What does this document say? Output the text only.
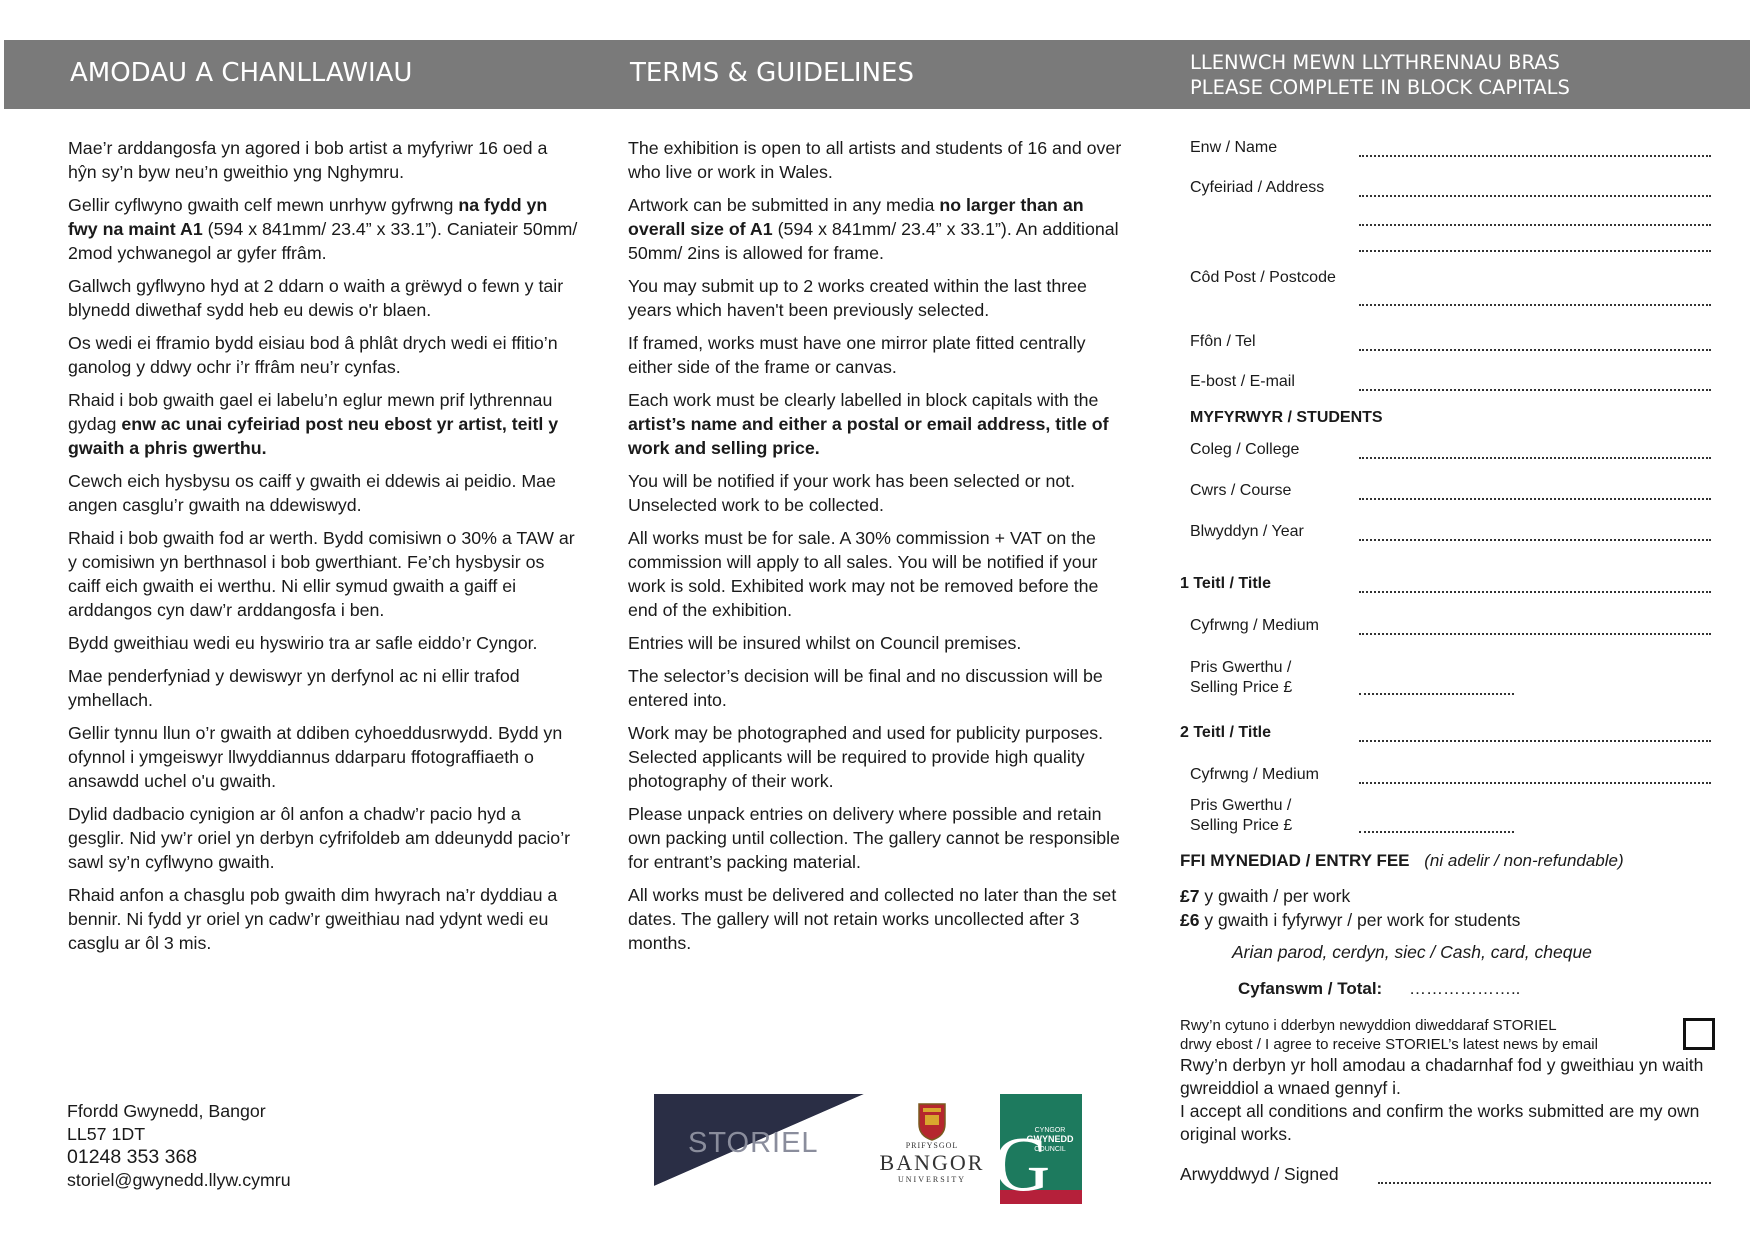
AMODAU A CHANLLAWIAU	TERMS & GUIDELINES	LLENWCH MEWN LLYTHRENNAU BRAS
PLEASE COMPLETE IN BLOCK CAPITALS

Mae’r arddangosfa yn agored i bob artist a myfyriwr 16 oed a hŷn sy’n byw neu’n gweithio yng Nghymru.

Gellir cyflwyno gwaith celf mewn unrhyw gyfrwng na fydd yn fwy na maint A1 (594 x 841mm/ 23.4” x 33.1”). Caniateir 50mm/ 2mod ychwanegol ar gyfer ffrâm.

Gallwch gyflwyno hyd at 2 ddarn o waith a grëwyd o fewn y tair blynedd diwethaf sydd heb eu dewis o'r blaen.

Os wedi ei fframio bydd eisiau bod â phlât drych wedi ei ffitio’n ganolog y ddwy ochr i’r ffrâm neu’r cynfas.

Rhaid i bob gwaith gael ei labelu’n eglur mewn prif lythrennau gydag enw ac unai cyfeiriad post neu ebost yr artist, teitl y gwaith a phris gwerthu.

Cewch eich hysbysu os caiff y gwaith ei ddewis ai peidio. Mae angen casglu’r gwaith na ddewiswyd.

Rhaid i bob gwaith fod ar werth. Bydd comisiwn o 30% a TAW ar y comisiwn yn berthnasol i bob gwerthiant. Fe’ch hysbysir os caiff eich gwaith ei werthu. Ni ellir symud gwaith a gaiff ei arddangos cyn daw’r arddangosfa i ben.

Bydd gweithiau wedi eu hyswirio tra ar safle eiddo’r Cyngor.

Mae penderfyniad y dewiswyr yn derfynol ac ni ellir trafod ymhellach.

Gellir tynnu llun o’r gwaith at ddiben cyhoeddusrwydd. Bydd yn ofynnol i ymgeiswyr llwyddiannus ddarparu ffotograffiaeth o ansawdd uchel o'u gwaith.

Dylid dadbacio cynigion ar ôl anfon a chadw’r pacio hyd a gesglir. Nid yw’r oriel yn derbyn cyfrifoldeb am ddeunydd pacio’r sawl sy’n cyflwyno gwaith.

Rhaid anfon a chasglu pob gwaith dim hwyrach na’r dyddiau a bennir. Ni fydd yr oriel yn cadw’r gweithiau nad ydynt wedi eu casglu ar ôl 3 mis.

The exhibition is open to all artists and students of 16 and over who live or work in Wales.

Artwork can be submitted in any media no larger than an overall size of A1 (594 x 841mm/ 23.4” x 33.1”). An additional 50mm/ 2ins is allowed for frame.

You may submit up to 2 works created within the last three years which haven't been previously selected.

If framed, works must have one mirror plate fitted centrally either side of the frame or canvas.

Each work must be clearly labelled in block capitals with the artist’s name and either a postal or email address, title of work and selling price.

You will be notified if your work has been selected or not. Unselected work to be collected.

All works must be for sale. A 30% commission + VAT on the commission will apply to all sales. You will be notified if your work is sold. Exhibited work may not be removed before the end of the exhibition.

Entries will be insured whilst on Council premises.

The selector’s decision will be final and no discussion will be entered into.

Work may be photographed and used for publicity purposes. Selected applicants will be required to provide high quality photography of their work.

Please unpack entries on delivery where possible and retain own packing until collection. The gallery cannot be responsible for entrant’s packing material.

All works must be delivered and collected no later than the set dates. The gallery will not retain works uncollected after 3 months.

Ffordd Gwynedd, Bangor
LL57 1DT
01248 353 368
storiel@gwynedd.llyw.cymru
STORIEL	PRIFYSGOL
BANGOR
UNIVERSITY
CYNGOR
GWYNEDD
COUNCIL
G
Enw / Name
Cyfeiriad / Address
Côd Post / Postcode
Ffôn / Tel
E-bost / E-mail
MYFYRWYR / STUDENTS
Coleg / College
Cwrs / Course
Blwyddyn / Year
1 Teitl / Title
Cyfrwng / Medium
Pris Gwerthu /
Selling Price £
2 Teitl / Title
Cyfrwng / Medium
Pris Gwerthu /
Selling Price £
FFI MYNEDIAD / ENTRY FEE (ni adelir / non-refundable)
£7 y gwaith / per work
£6 y gwaith i fyfyrwyr / per work for students
Arian parod, cerdyn, siec / Cash, card, cheque
Cyfanswm / Total: ………………..
Rwy’n cytuno i dderbyn newyddion diweddaraf STORIEL
drwy ebost / I agree to receive STORIEL’s latest news by email
Rwy’n derbyn yr holl amodau a chadarnhaf fod y gweithiau yn waith gwreiddiol a wnaed gennyf i.
I accept all conditions and confirm the works submitted are my own original works.
Arwyddwyd / Signed
